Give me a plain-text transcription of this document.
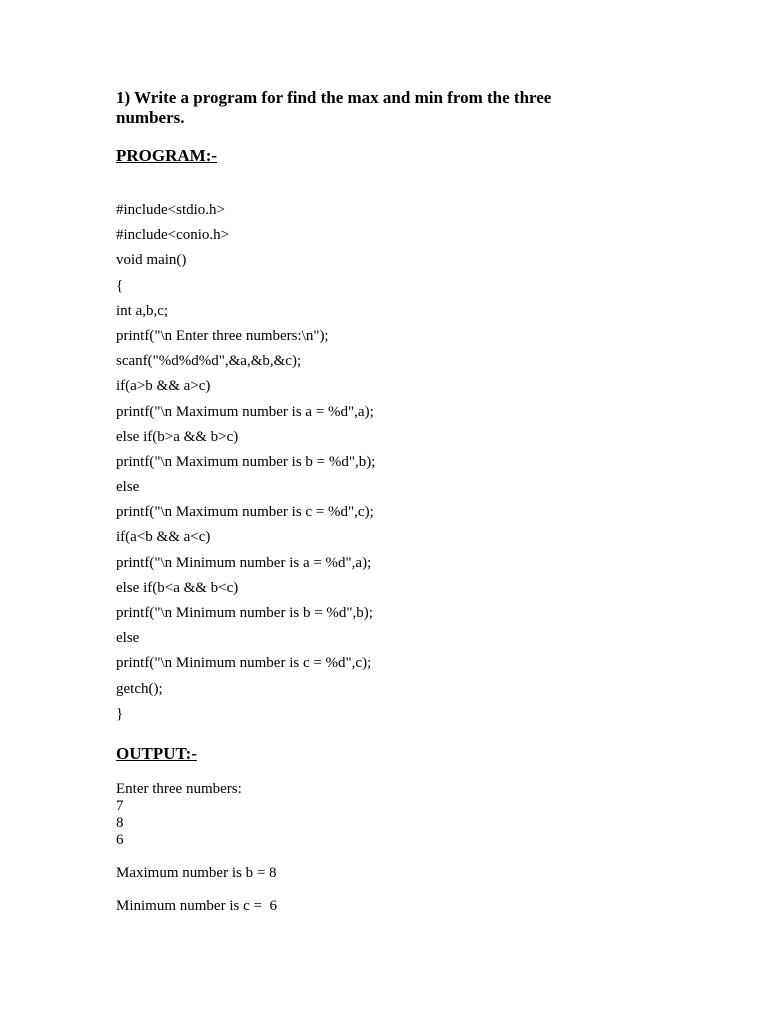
1) Write a program for find the max and min from the three numbers.

PROGRAM:-

#include<stdio.h>
#include<conio.h>
void main()
{
int a,b,c;
printf("\n Enter three numbers:\n");
scanf("%d%d%d",&a,&b,&c);
if(a>b && a>c)
printf("\n Maximum number is a = %d",a);
else if(b>a && b>c)
printf("\n Maximum number is b = %d",b);
else
printf("\n Maximum number is c = %d",c);
if(a<b && a<c)
printf("\n Minimum number is a = %d",a);
else if(b<a && b<c)
printf("\n Minimum number is b = %d",b);
else
printf("\n Minimum number is c = %d",c);
getch();
}

OUTPUT:-

Enter three numbers:
7
8
6
Maximum number is b = 8
Minimum number is c =  6
